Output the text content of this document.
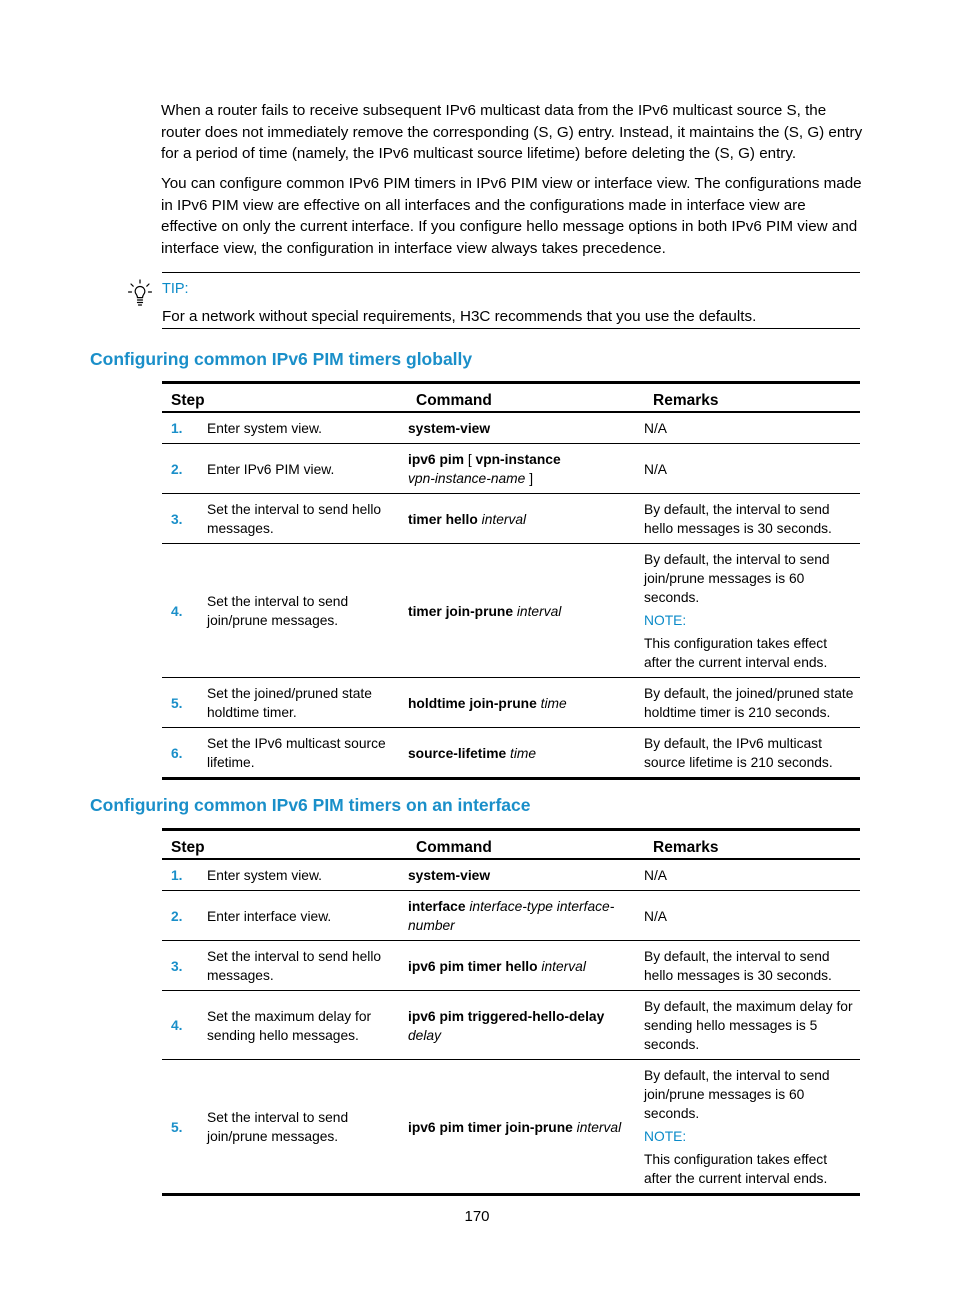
When a router fails to receive subsequent IPv6 multicast data from the IPv6 multicast source S, the router does not immediately remove the corresponding (S, G) entry. Instead, it maintains the (S, G) entry for a period of time (namely, the IPv6 multicast source lifetime) before deleting the (S, G) entry.
You can configure common IPv6 PIM timers in IPv6 PIM view or interface view. The configurations made in IPv6 PIM view are effective on all interfaces and the configurations made in interface view are effective on only the current interface. If you configure hello message options in both IPv6 PIM view and interface view, the configuration in interface view always takes precedence.
TIP:
For a network without special requirements, H3C recommends that you use the defaults.
Configuring common IPv6 PIM timers globally
Step		Command	Remarks
1.	Enter system view.	system-view	N/A
2.	Enter IPv6 PIM view.	ipv6 pim [ vpn-instance
vpn-instance-name ]	N/A
3.	Set the interval to send hello messages.	timer hello interval	By default, the interval to send hello messages is 30 seconds.
4.	Set the interval to send join/prune messages.	timer join-prune interval	By default, the interval to send join/prune messages is 60 seconds.
NOTE:
This configuration takes effect after the current interval ends.

5.	Set the joined/pruned state holdtime timer.	holdtime join-prune time	By default, the joined/pruned state holdtime timer is 210 seconds.
6.	Set the IPv6 multicast source lifetime.	source-lifetime time	By default, the IPv6 multicast source lifetime is 210 seconds.
Configuring common IPv6 PIM timers on an interface
Step		Command	Remarks
1.	Enter system view.	system-view	N/A
2.	Enter interface view.	interface interface-type interface-number	N/A
3.	Set the interval to send hello messages.	ipv6 pim timer hello interval	By default, the interval to send hello messages is 30 seconds.
4.	Set the maximum delay for sending hello messages.	ipv6 pim triggered-hello-delay
delay	By default, the maximum delay for sending hello messages is 5 seconds.
5.	Set the interval to send join/prune messages.	ipv6 pim timer join-prune interval	By default, the interval to send join/prune messages is 60 seconds.
NOTE:
This configuration takes effect after the current interval ends.
170
